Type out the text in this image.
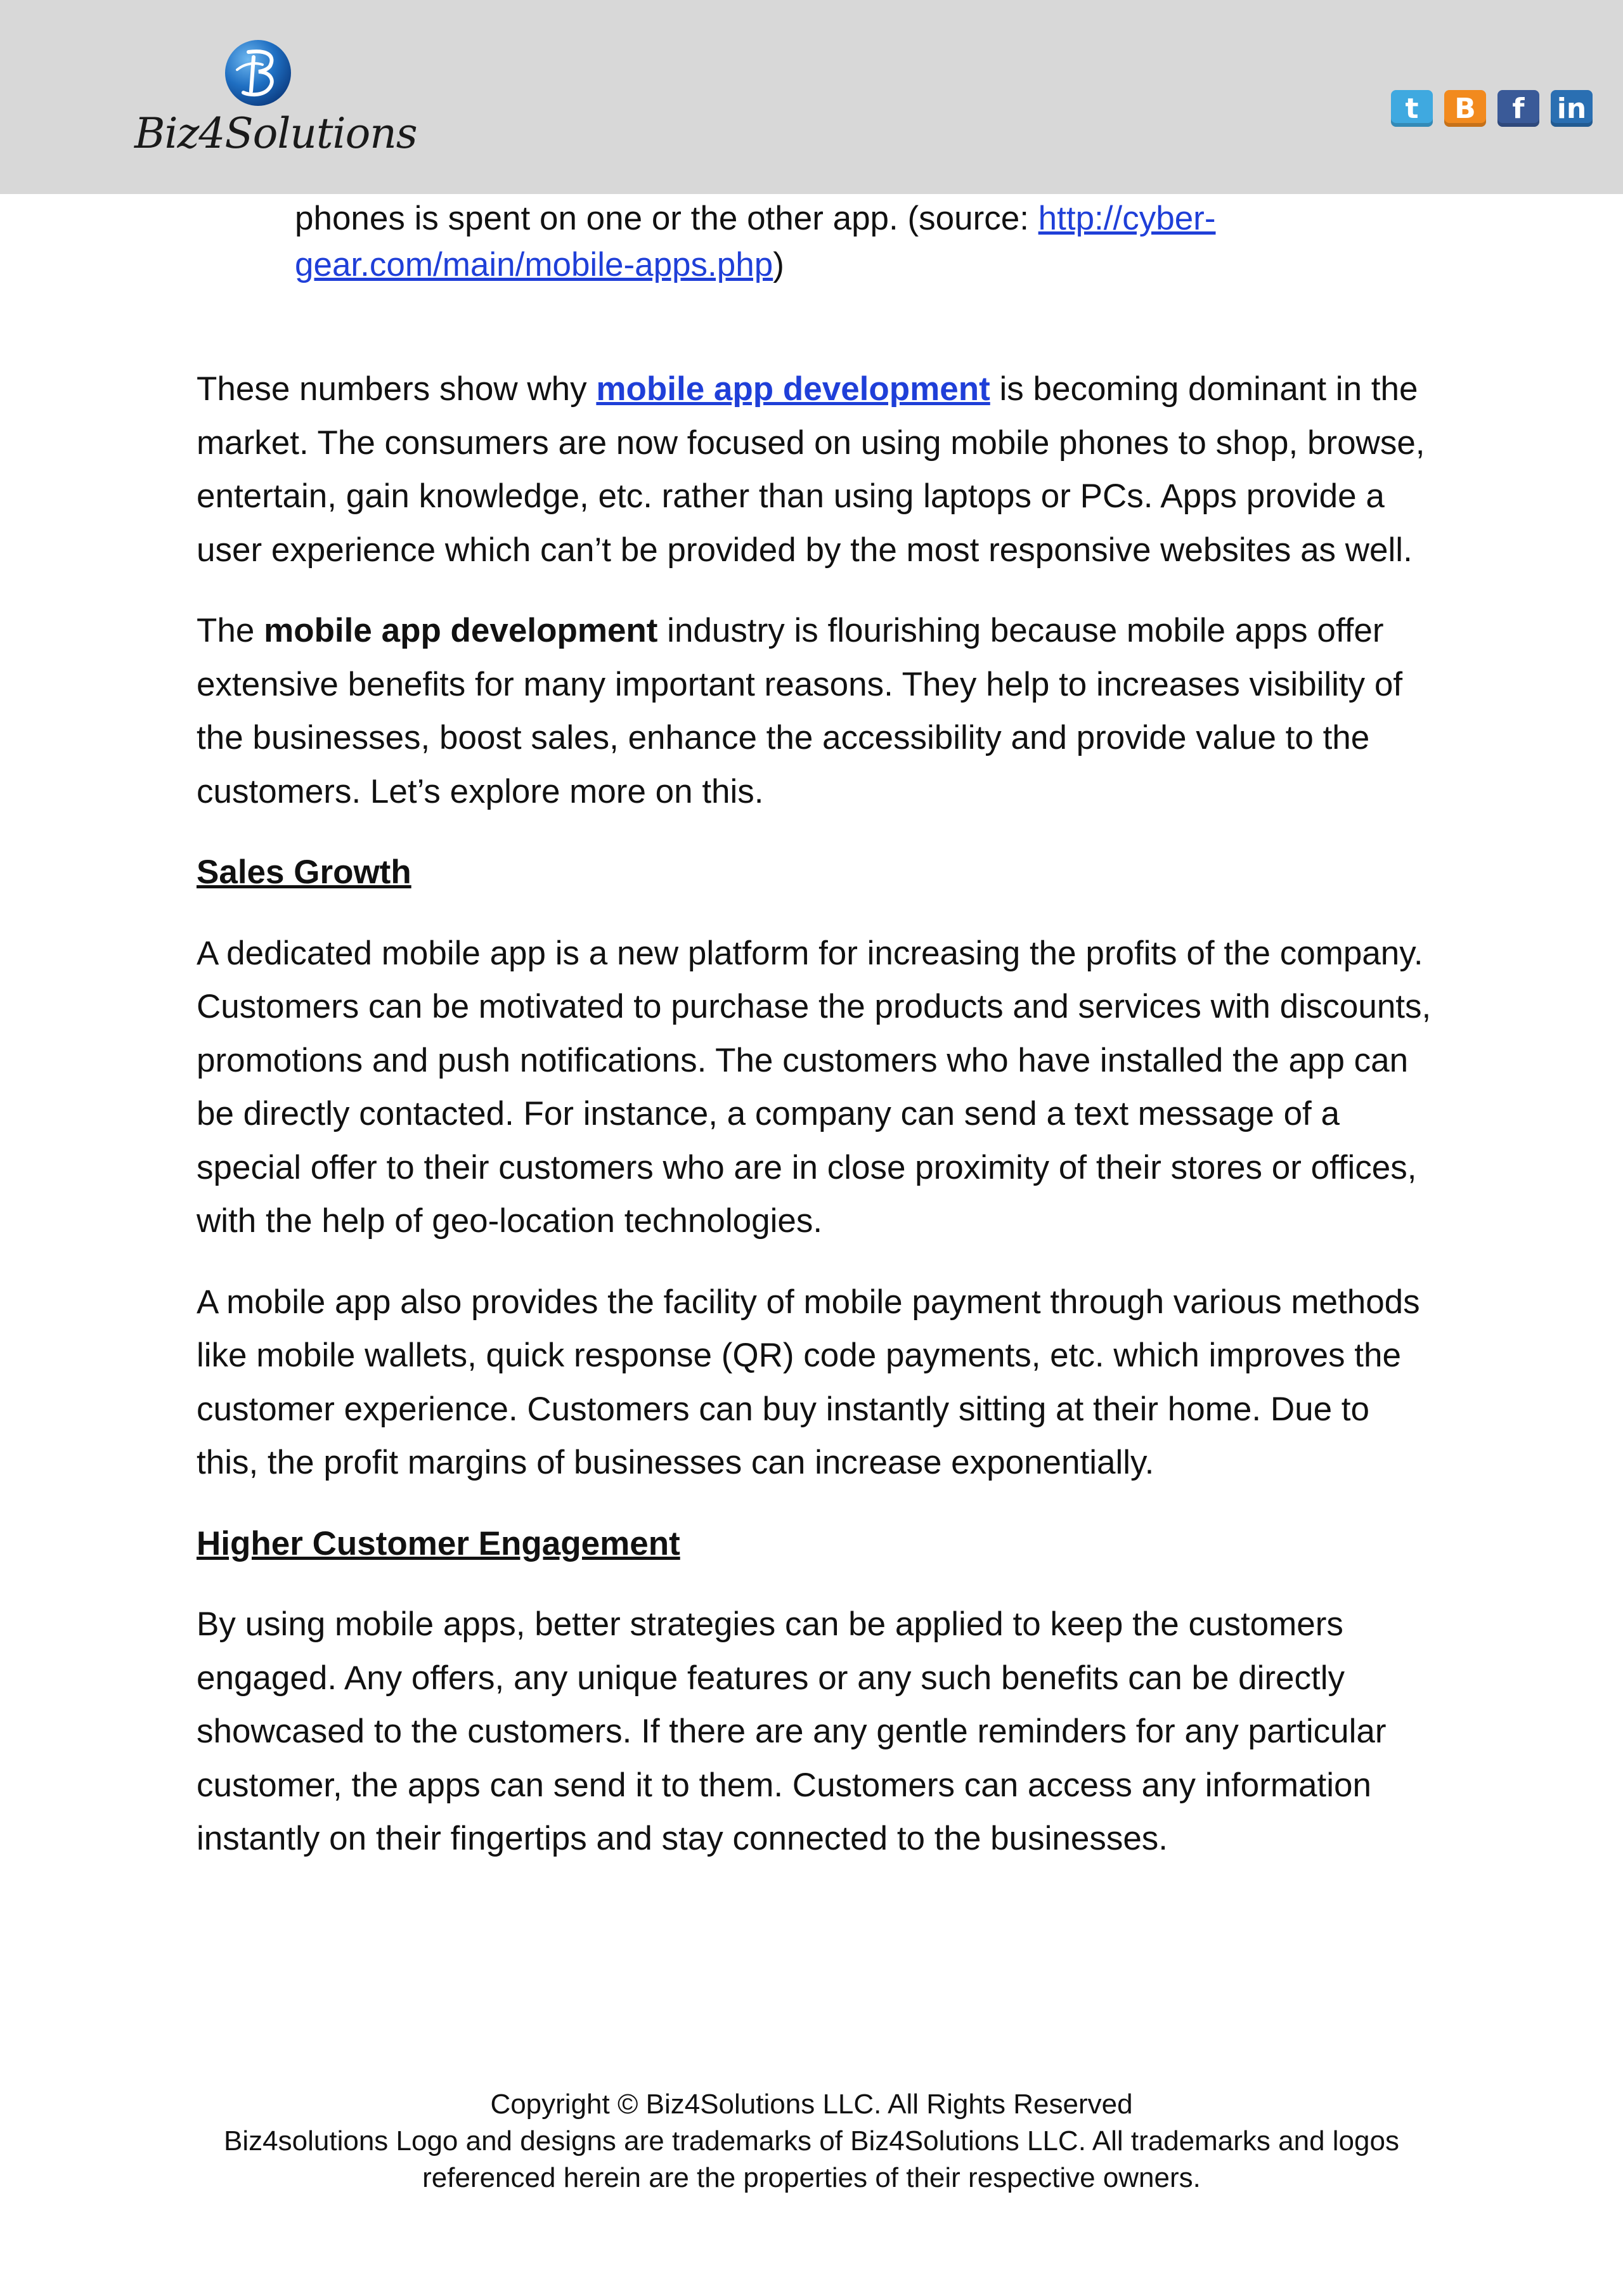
Biz4Solutions
t	B	f	in
phones is spent on one or the other app. (source: http://cyber-
gear.com/main/mobile-apps.php)

These numbers show why mobile app development is becoming dominant in the market. The consumers are now focused on using mobile phones to shop, browse, entertain, gain knowledge, etc. rather than using laptops or PCs. Apps provide a user experience which can’t be provided by the most responsive websites as well.

The mobile app development industry is flourishing because mobile apps offer extensive benefits for many important reasons. They help to increases visibility of the businesses, boost sales, enhance the accessibility and provide value to the customers. Let’s explore more on this.

Sales Growth

A dedicated mobile app is a new platform for increasing the profits of the company. Customers can be motivated to purchase the products and services with discounts, promotions and push notifications. The customers who have installed the app can be directly contacted. For instance, a company can send a text message of a special offer to their customers who are in close proximity of their stores or offices, with the help of geo-location technologies.

A mobile app also provides the facility of mobile payment through various methods like mobile wallets, quick response (QR) code payments, etc. which improves the customer experience. Customers can buy instantly sitting at their home. Due to this, the profit margins of businesses can increase exponentially.

Higher Customer Engagement

By using mobile apps, better strategies can be applied to keep the customers engaged. Any offers, any unique features or any such benefits can be directly showcased to the customers. If there are any gentle reminders for any particular customer, the apps can send it to them. Customers can access any information instantly on their fingertips and stay connected to the businesses.

Copyright © Biz4Solutions LLC. All Rights Reserved
Biz4solutions Logo and designs are trademarks of Biz4Solutions LLC. All trademarks and logos
referenced herein are the properties of their respective owners.
